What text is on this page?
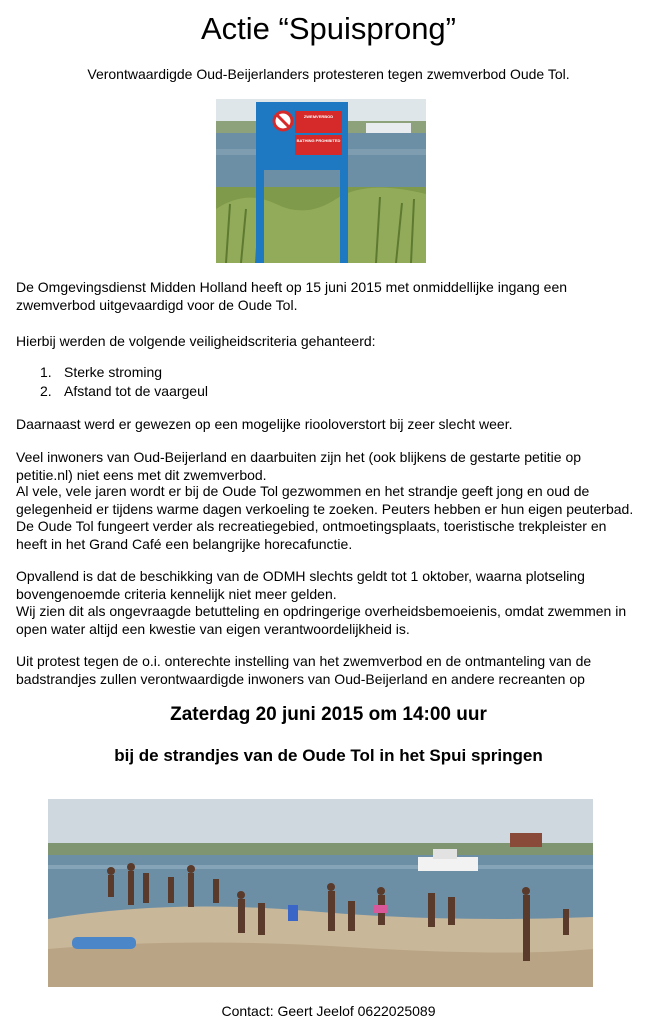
Actie “Spuisprong”
Verontwaardigde Oud-Beijerlanders protesteren tegen zwemverbod Oude Tol.
ZWEMVERBOD
BATHING PROHIBITED
De Omgevingsdienst Midden Holland heeft op 15 juni 2015 met onmiddellijke ingang een zwemverbod uitgevaardigd voor de Oude Tol.
Hierbij werden de volgende veiligheidscriteria gehanteerd:
1. Sterke stroming
2. Afstand tot de vaargeul
Daarnaast werd er gewezen op een mogelijke riooloverstort bij zeer slecht weer.
Veel inwoners van Oud-Beijerland en daarbuiten zijn het (ook blijkens de gestarte petitie op petitie.nl) niet eens met dit zwemverbod.
Al vele, vele jaren wordt er bij de Oude Tol gezwommen en het strandje geeft jong en oud de gelegenheid er tijdens warme dagen verkoeling te zoeken. Peuters hebben er hun eigen peuterbad. De Oude Tol fungeert verder als recreatiegebied, ontmoetingsplaats, toeristische trekpleister en heeft in het Grand Café een belangrijke horecafunctie.
Opvallend is dat de beschikking van de ODMH slechts geldt tot 1 oktober, waarna plotseling bovengenoemde criteria kennelijk niet meer gelden.
Wij zien dit als ongevraagde betutteling en opdringerige overheidsbemoeienis, omdat zwemmen in open water altijd een kwestie van eigen verantwoordelijkheid is.
Uit protest tegen de o.i. onterechte instelling van het zwemverbod en de ontmanteling van de badstrandjes zullen verontwaardigde inwoners van Oud-Beijerland en andere recreanten op
Zaterdag 20 juni 2015 om 14:00 uur
bij de strandjes van de Oude Tol in het Spui springen
Contact: Geert Jeelof 0622025089
